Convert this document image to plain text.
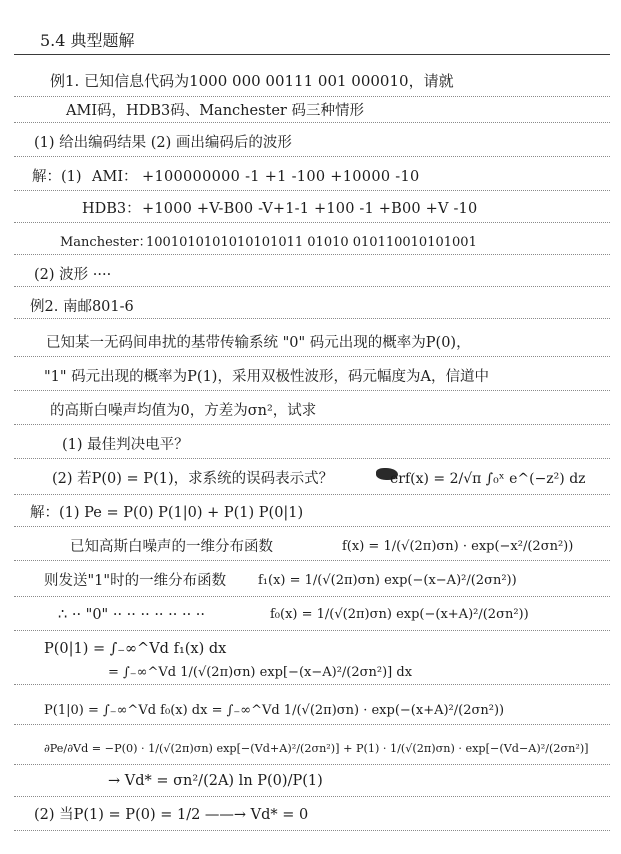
5.4 典型题解
例1. 已知信息代码为1000 000 00111 001 000010，请就
AMI码，HDB3码、Manchester 码三种情形
(1) 给出编码结果 (2) 画出编码后的波形
解：(1) AMI： +100000000 -1 +1 -100 +10000 -10
HDB3： +1000 +V-B00 -V+1-1 +100 -1 +B00 +V -10
Manchester：
1001010101010101011 01010 010110010101001
(2) 波形 ····
例2. 南邮801-6
已知某一无码间串扰的基带传输系统 "0" 码元出现的概率为P(0)，
"1" 码元出现的概率为P(1)，采用双极性波形，码元幅度为A，信道中
的高斯白噪声均值为0，方差为σn²，试求
(1) 最佳判决电平？
(2) 若P(0) = P(1)，求系统的误码表示式？	erf(x) = 2/√π ∫₀ˣ e^(−z²) dz
解：(1) Pe = P(0) P(1|0) + P(1) P(0|1)
已知高斯白噪声的一维分布函数	f(x) = 1/(√(2π)σn) · exp(−x²/(2σn²))
则发送"1"时的一维分布函数 f₁(x) = 1/(√(2π)σn) exp(−(x−A)²/(2σn²))
∴ ·· "0" ·· ·· ·· ·· ·· ·· ··	f₀(x) = 1/(√(2π)σn) exp(−(x+A)²/(2σn²))
P(0|1) = ∫₋∞^Vd f₁(x) dx
= ∫₋∞^Vd 1/(√(2π)σn) exp[−(x−A)²/(2σn²)] dx
P(1|0) = ∫₋∞^Vd f₀(x) dx = ∫₋∞^Vd 1/(√(2π)σn) · exp(−(x+A)²/(2σn²))
∂Pe/∂Vd = −P(0) · 1/(√(2π)σn) exp[−(Vd+A)²/(2σn²)] + P(1) · 1/(√(2π)σn) · exp[−(Vd−A)²/(2σn²)]
→ Vd* = σn²/(2A) ln P(0)/P(1)
(2) 当P(1) = P(0) = 1/2 ——→ Vd* = 0
